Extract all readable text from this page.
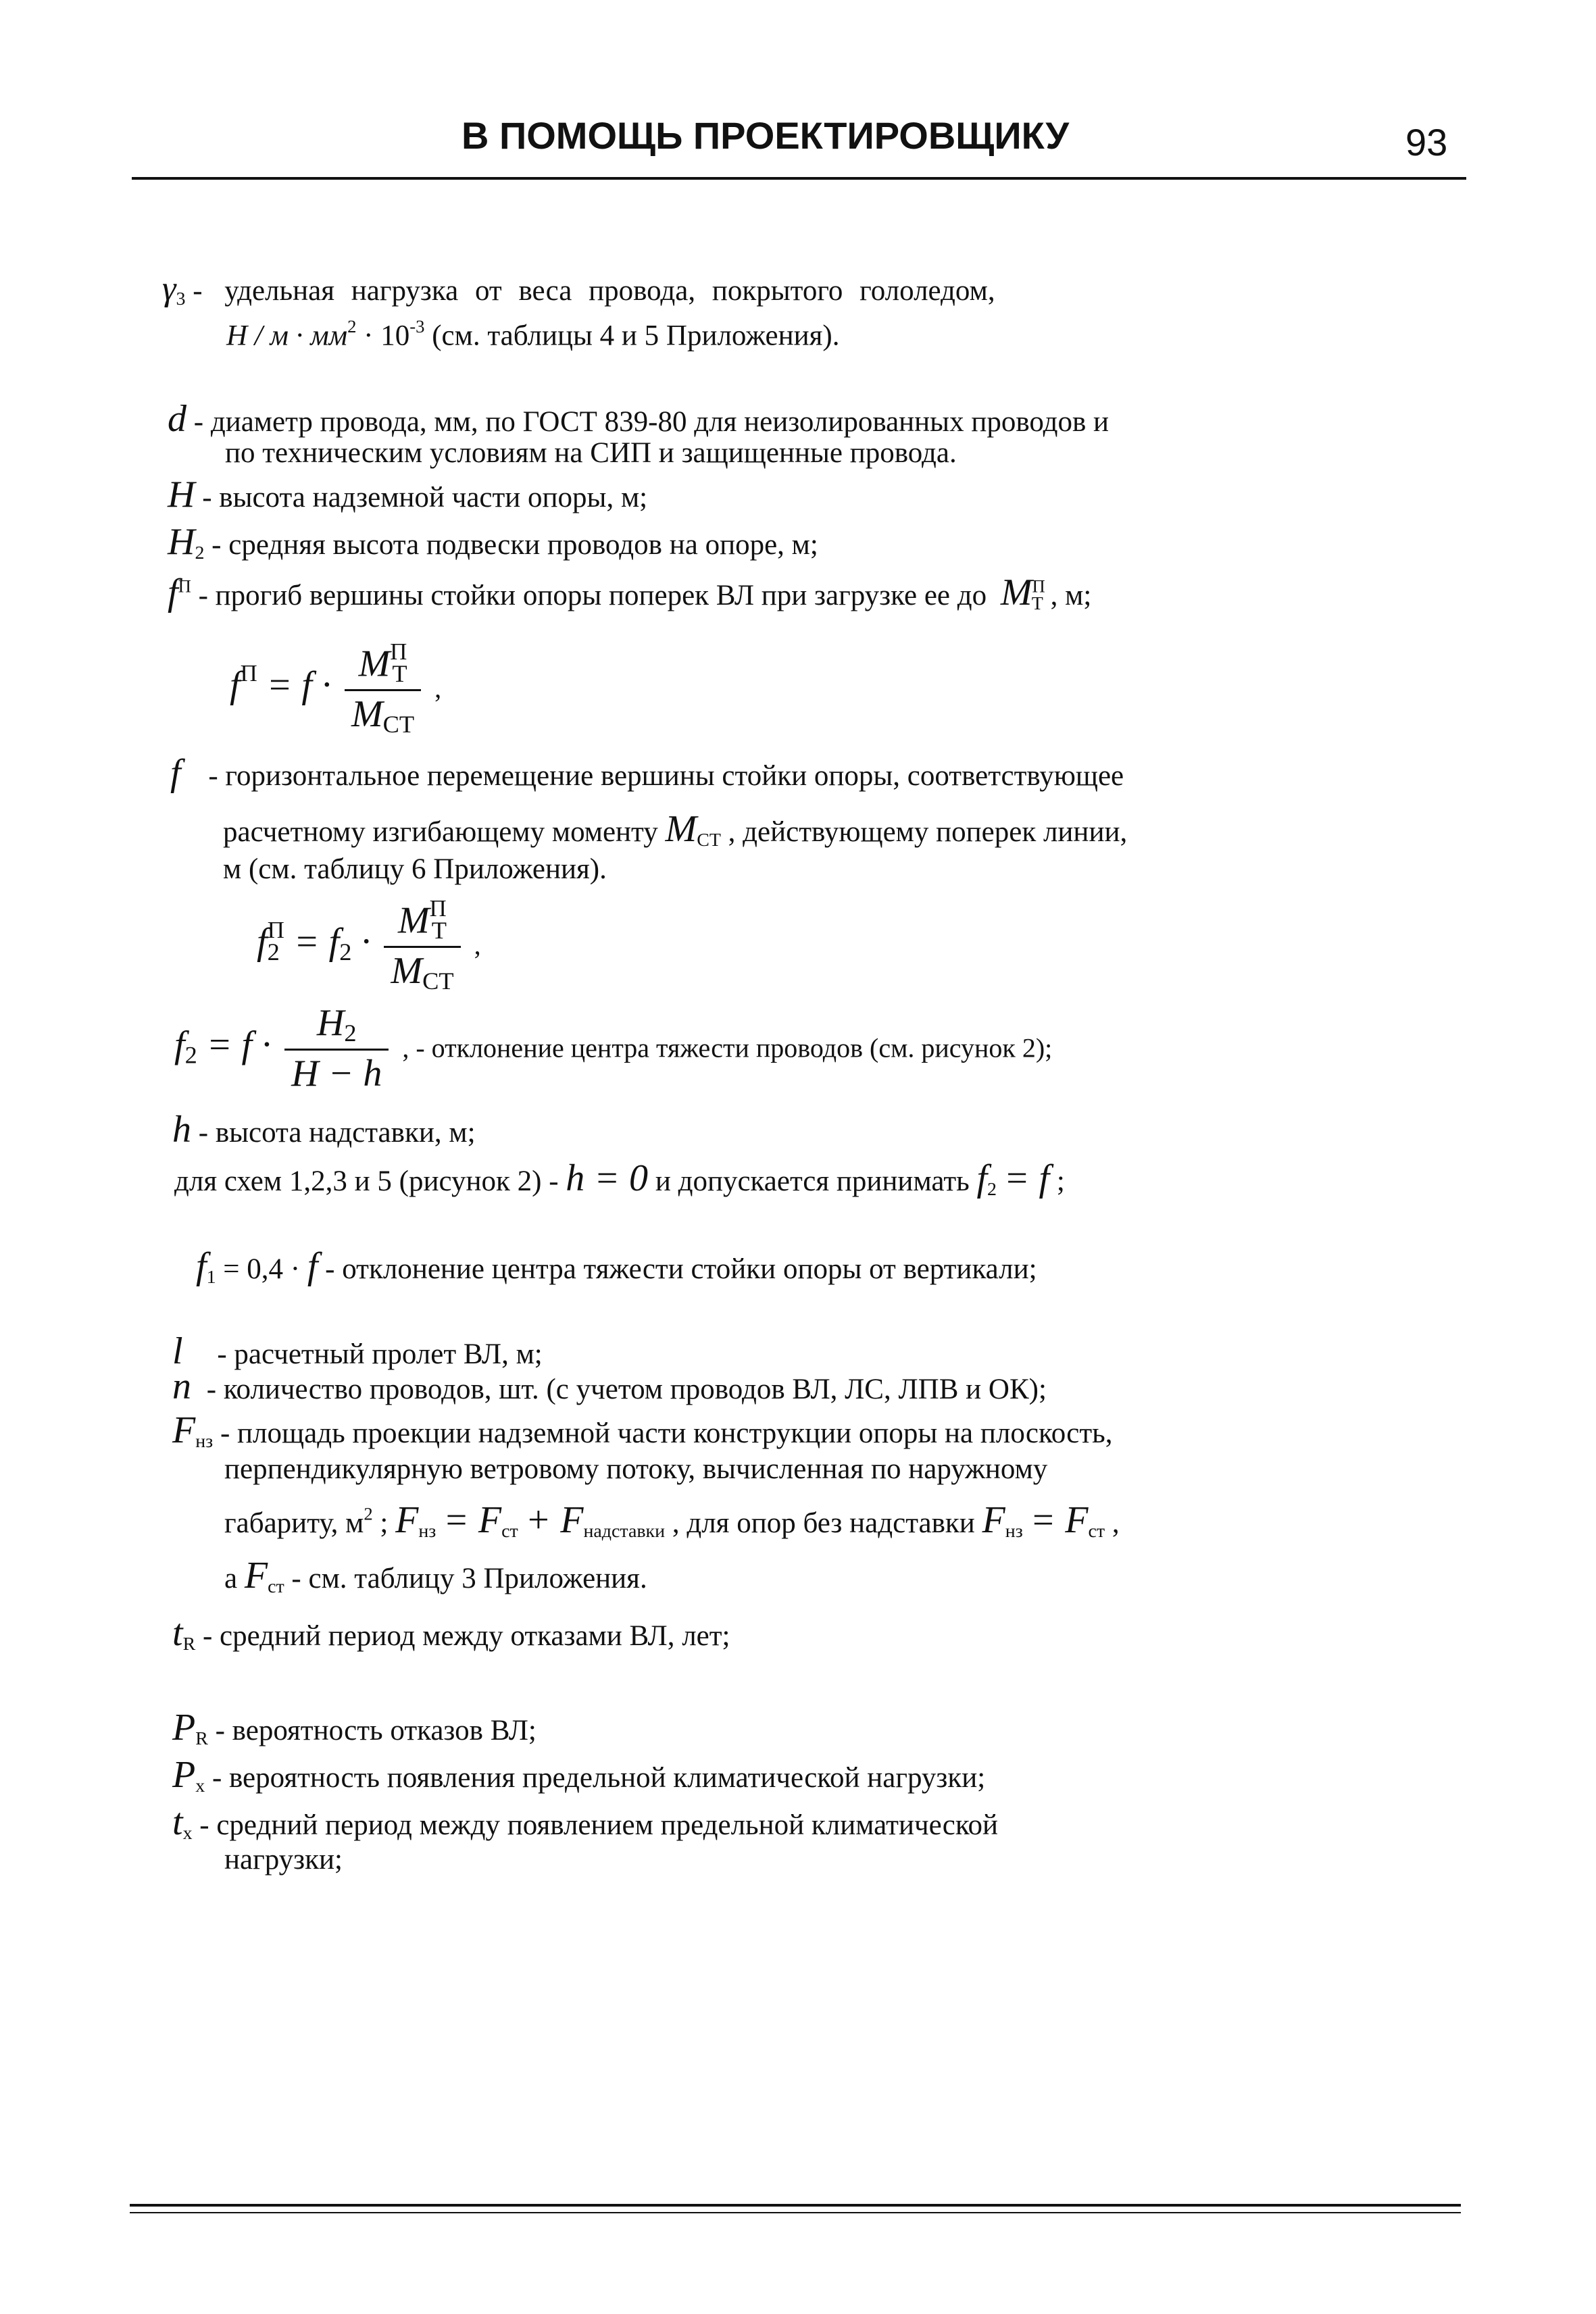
В ПОМОЩЬ ПРОЕКТИРОВЩИКУ	93
$\gamma_3$ - удельная нагрузка от веса провода, покрытого гололедом,
$Н / м \cdot мм^2 \cdot 10^{-3}$ (см. таблицы 4 и 5 Приложения).
d - диаметр провода, мм, по ГОСТ 839-80 для неизолированных проводов и
по техническим условиям на СИП и защищенные провода.
H - высота надземной части опоры, м;
$H_2$ - средняя высота подвески проводов на опоре, м;
$f^П$ - прогиб вершины стойки опоры поперек ВЛ при загрузке ее до $M^П_Т$ , м;
$f^П = f \cdot \frac{M^П_Т}{M_{СТ}}$ ,
f - горизонтальное перемещение вершины стойки опоры, соответствующее
расчетному изгибающему моменту $M_{СТ}$ , действующему поперек линии,
м (см. таблицу 6 Приложения).
$f_2^П = f_2 \cdot \frac{M^П_Т}{M_{СТ}}$ ,
$f_2 = f \cdot \frac{H_2}{H - h}$ , - отклонение центра тяжести проводов (см. рисунок 2);
h - высота надставки, м;
для схем 1,2,3 и 5 (рисунок 2) - h = 0 и допускается принимать $f_2 = f$ ;
$f_1 = 0,4 \cdot f$ - отклонение центра тяжести стойки опоры от вертикали;
l - расчетный пролет ВЛ, м;
n - количество проводов, шт. (с учетом проводов ВЛ, ЛС, ЛПВ и ОК);
$F_{нз}$ - площадь проекции надземной части конструкции опоры на плоскость,
перпендикулярную ветровому потоку, вычисленная по наружному
габариту, $м^2$ ; $F_{нз} = F_{ст} + F_{надставки}$ , для опор без надставки $F_{нз} = F_{ст}$ ,
а $F_{ст}$ - см. таблицу 3 Приложения.
$t_R$ - средний период между отказами ВЛ, лет;
$P_R$ - вероятность отказов ВЛ;
$P_x$ - вероятность появления предельной климатической нагрузки;
$t_x$ - средний период между появлением предельной климатической
нагрузки;
